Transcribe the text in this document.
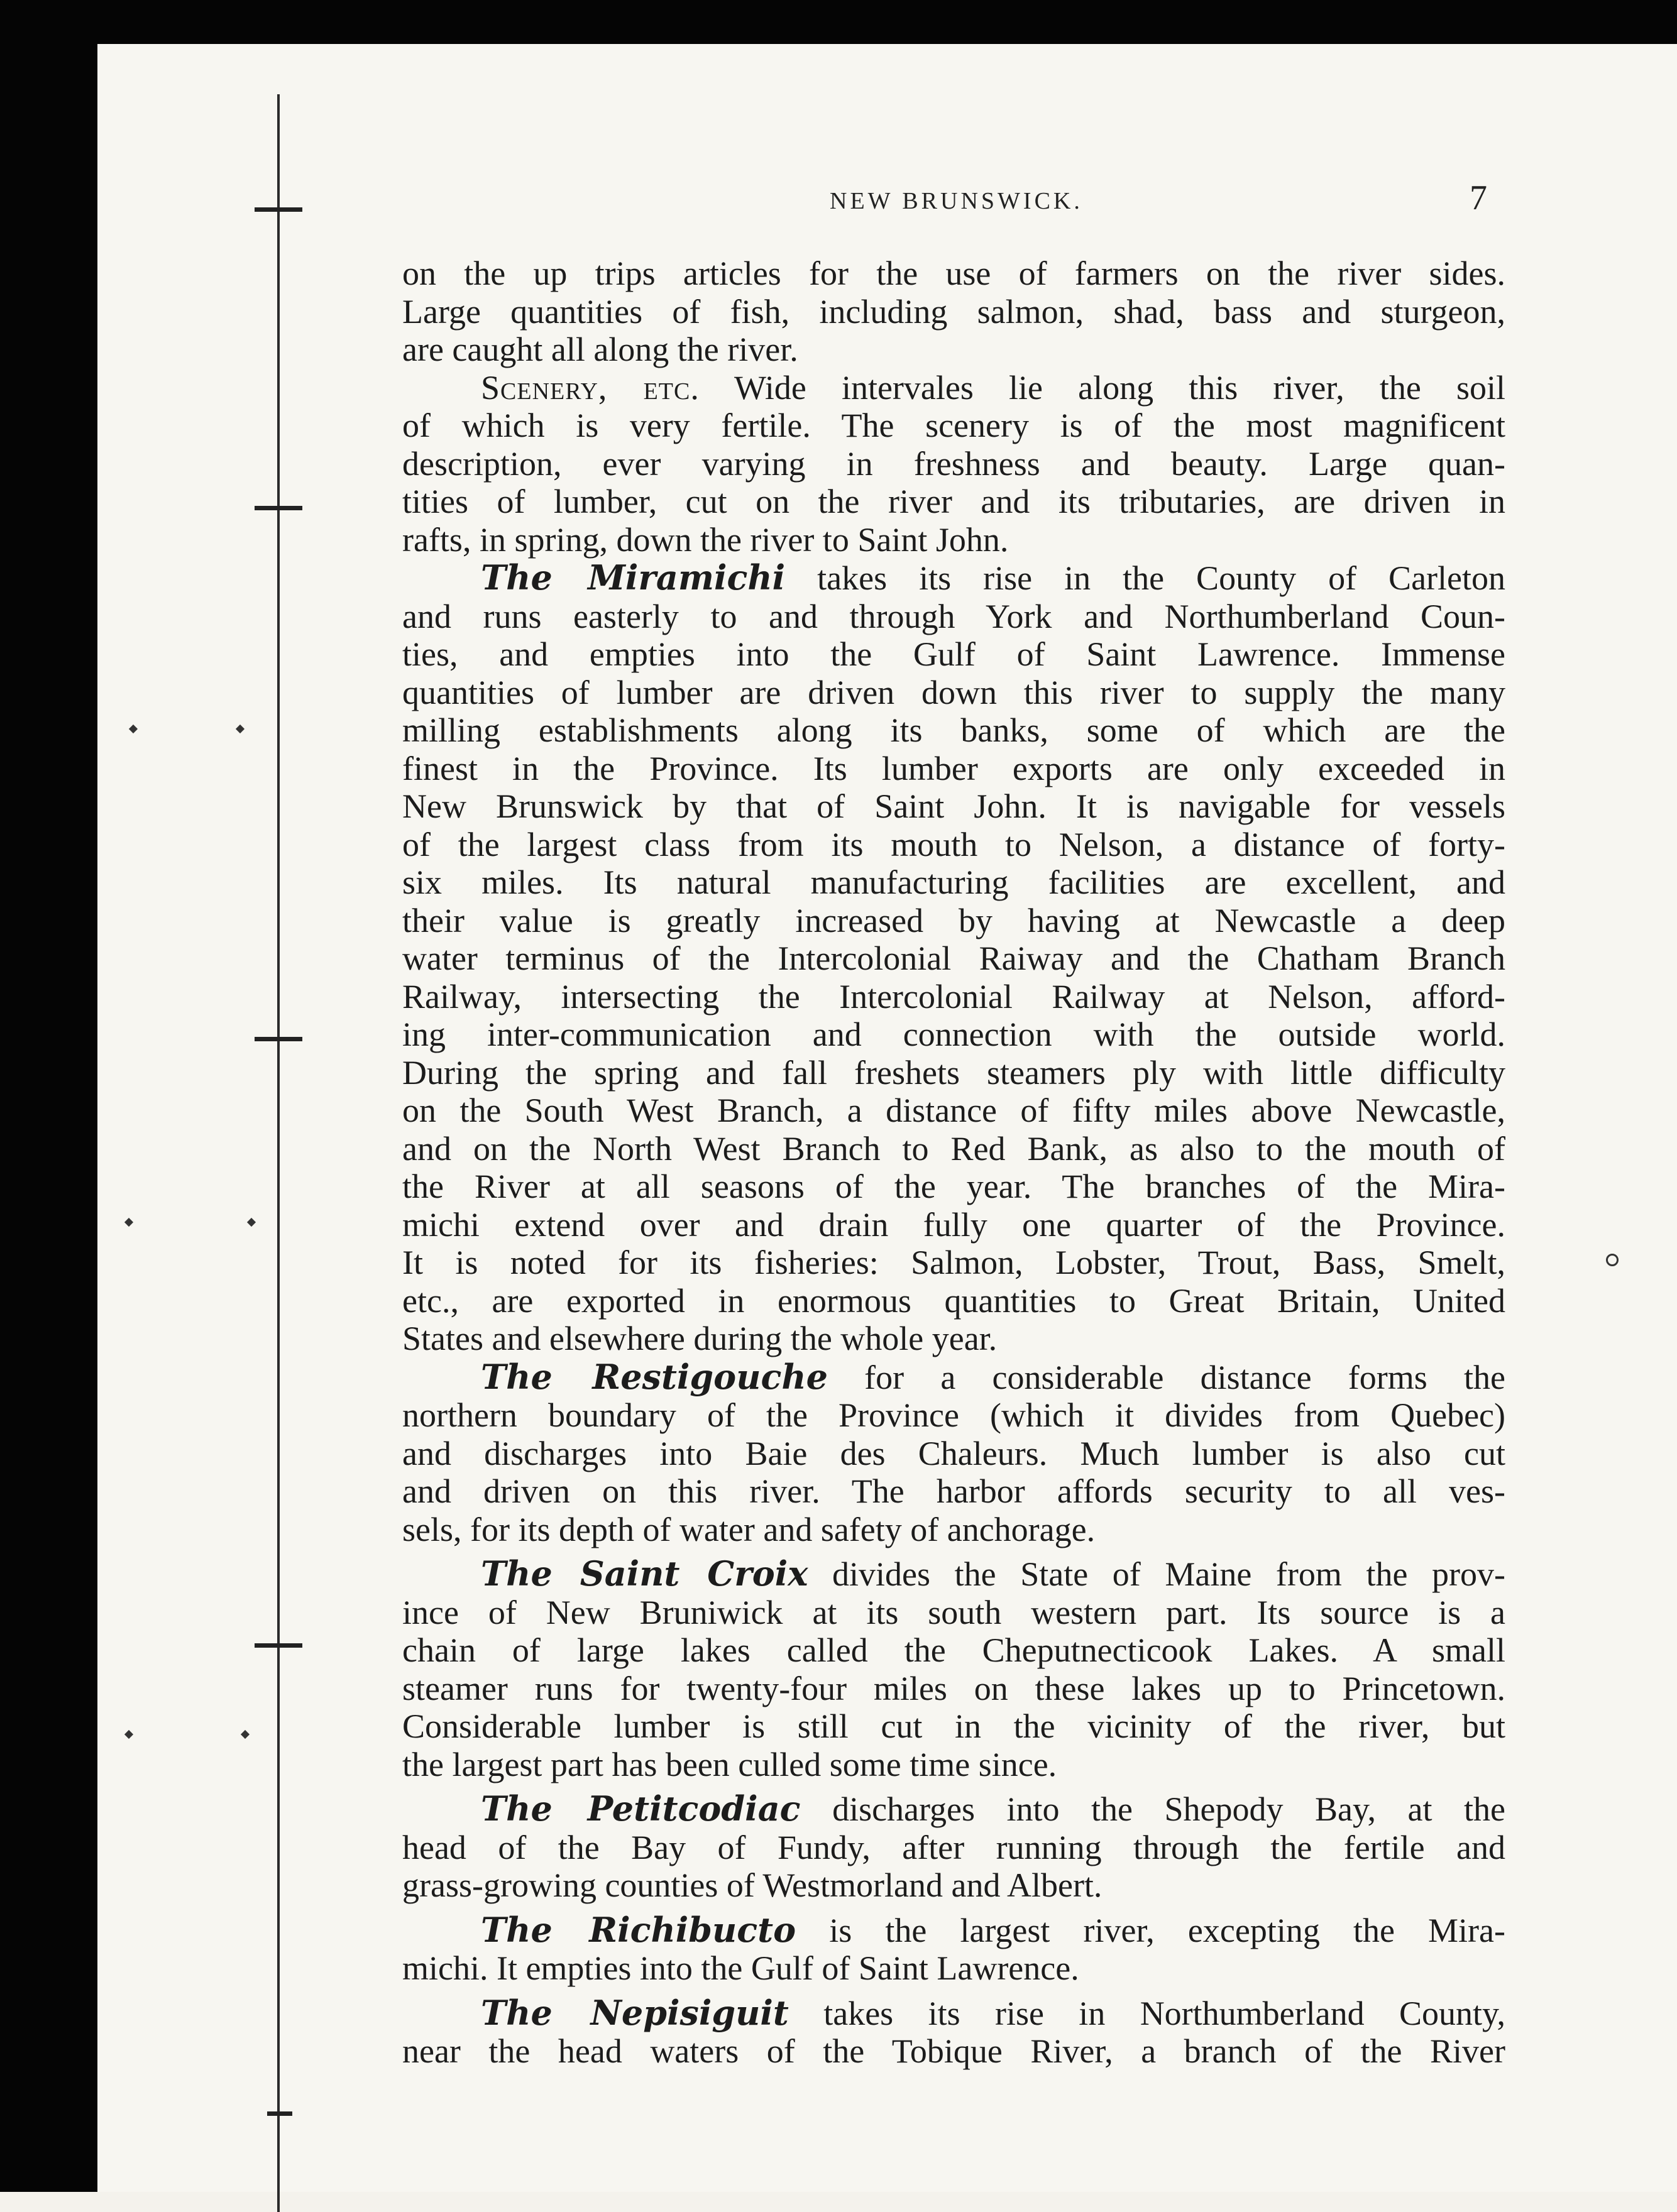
NEW BRUNSWICK.	7
on the up trips articles for the use of farmers on the river sides.
Large quantities of fish, including salmon, shad, bass and sturgeon,
are caught all along the river.
Scenery, etc. Wide intervales lie along this river, the soil
of which is very fertile. The scenery is of the most magnificent
description, ever varying in freshness and beauty. Large quan-
tities of lumber, cut on the river and its tributaries, are driven in
rafts, in spring, down the river to Saint John.
The Miramichi takes its rise in the County of Carleton
and runs easterly to and through York and Northumberland Coun-
ties, and empties into the Gulf of Saint Lawrence. Immense
quantities of lumber are driven down this river to supply the many
milling establishments along its banks, some of which are the
finest in the Province. Its lumber exports are only exceeded in
New Brunswick by that of Saint John. It is navigable for vessels
of the largest class from its mouth to Nelson, a distance of forty-
six miles. Its natural manufacturing facilities are excellent, and
their value is greatly increased by having at Newcastle a deep
water terminus of the Intercolonial Raiway and the Chatham Branch
Railway, intersecting the Intercolonial Railway at Nelson, afford-
ing inter-communication and connection with the outside world.
During the spring and fall freshets steamers ply with little difficulty
on the South West Branch, a distance of fifty miles above Newcastle,
and on the North West Branch to Red Bank, as also to the mouth of
the River at all seasons of the year. The branches of the Mira-
michi extend over and drain fully one quarter of the Province.
It is noted for its fisheries: Salmon, Lobster, Trout, Bass, Smelt,
etc., are exported in enormous quantities to Great Britain, United
States and elsewhere during the whole year.
The Restigouche for a considerable distance forms the
northern boundary of the Province (which it divides from Quebec)
and discharges into Baie des Chaleurs. Much lumber is also cut
and driven on this river. The harbor affords security to all ves-
sels, for its depth of water and safety of anchorage.
The Saint Croix divides the State of Maine from the prov-
ince of New Bruniwick at its south western part. Its source is a
chain of large lakes called the Cheputnecticook Lakes. A small
steamer runs for twenty-four miles on these lakes up to Princetown.
Considerable lumber is still cut in the vicinity of the river, but
the largest part has been culled some time since.
The Petitcodiac discharges into the Shepody Bay, at the
head of the Bay of Fundy, after running through the fertile and
grass-growing counties of Westmorland and Albert.
The Richibucto is the largest river, excepting the Mira-
michi. It empties into the Gulf of Saint Lawrence.
The Nepisiguit takes its rise in Northumberland County,
near the head waters of the Tobique River, a branch of the River
